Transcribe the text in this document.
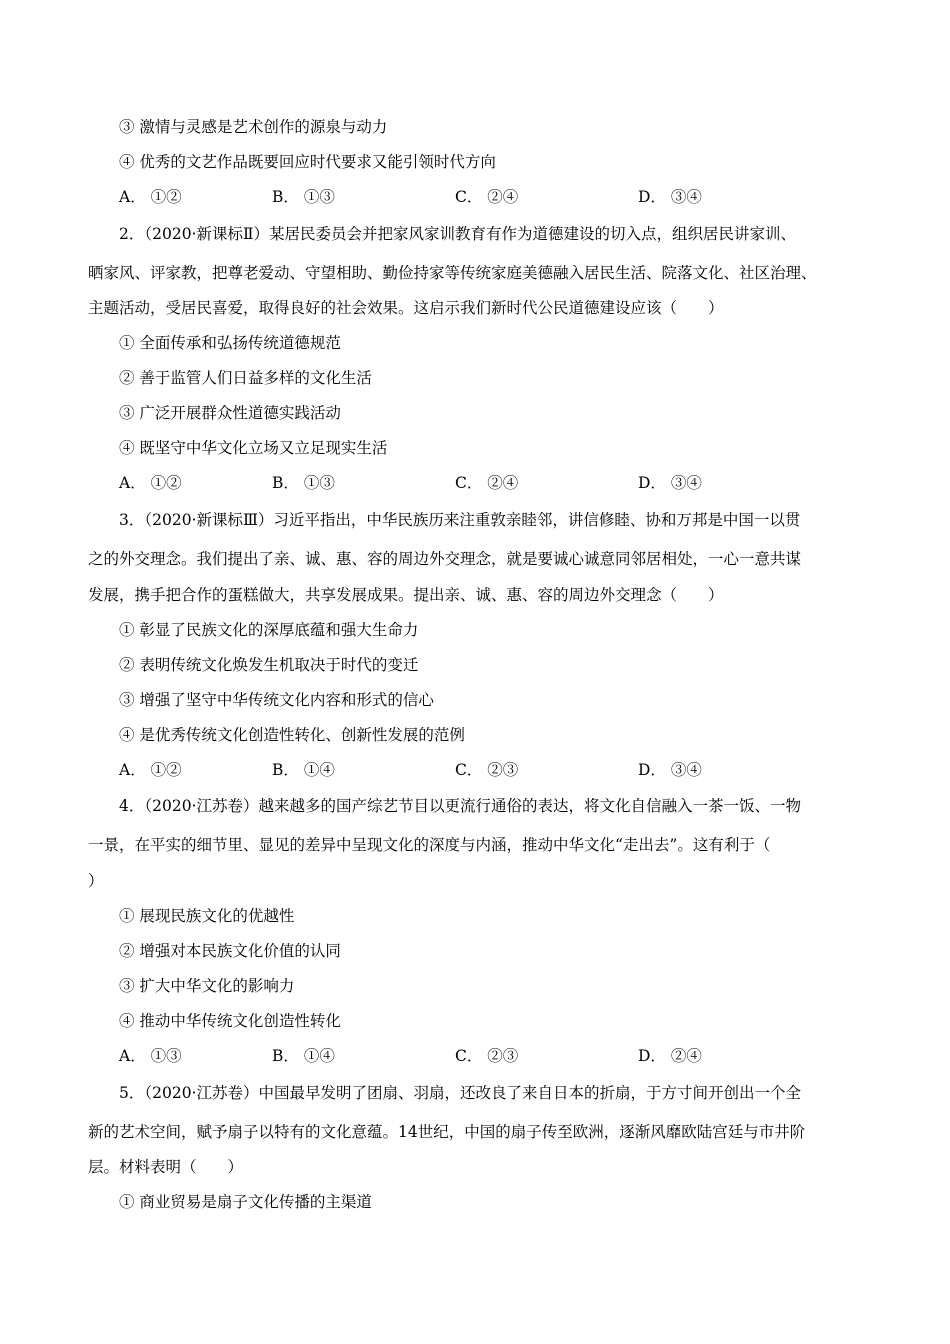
③ 激情与灵感是艺术创作的源泉与动力
④ 优秀的文艺作品既要回应时代要求又能引领时代方向
A． ①②	B． ①③	C． ②④	D． ③④
2．（2020·新课标Ⅱ）某居民委员会并把家风家训教育有作为道德建设的切入点，组织居民讲家训、
晒家风、评家教，把尊老爱动、守望相助、勤俭持家等传统家庭美德融入居民生活、院落文化、社区治理、
主题活动，受居民喜爱，取得良好的社会效果。这启示我们新时代公民道德建设应该（　　）
① 全面传承和弘扬传统道德规范
② 善于监管人们日益多样的文化生活
③ 广泛开展群众性道德实践活动
④ 既坚守中华文化立场又立足现实生活
A． ①②	B． ①③	C． ②④	D． ③④
3．（2020·新课标Ⅲ）习近平指出，中华民族历来注重敦亲睦邻，讲信修睦、协和万邦是中国一以贯
之的外交理念。我们提出了亲、诚、惠、容的周边外交理念，就是要诚心诚意同邻居相处，一心一意共谋
发展，携手把合作的蛋糕做大，共享发展成果。提出亲、诚、惠、容的周边外交理念（　　）
① 彰显了民族文化的深厚底蕴和强大生命力
② 表明传统文化焕发生机取决于时代的变迁
③ 增强了坚守中华传统文化内容和形式的信心
④ 是优秀传统文化创造性转化、创新性发展的范例
A． ①②	B． ①④	C． ②③	D． ③④
4．（2020·江苏卷）越来越多的国产综艺节目以更流行通俗的表达，将文化自信融入一茶一饭、一物
一景，在平实的细节里、显见的差异中呈现文化的深度与内涵，推动中华文化“走出去”。这有利于（
）
① 展现民族文化的优越性
② 增强对本民族文化价值的认同
③ 扩大中华文化的影响力
④ 推动中华传统文化创造性转化
A． ①③	B． ①④	C． ②③	D． ②④
5．（2020·江苏卷）中国最早发明了团扇、羽扇，还改良了来自日本的折扇，于方寸间开创出一个全
新的艺术空间，赋予扇子以特有的文化意蕴。14世纪，中国的扇子传至欧洲，逐渐风靡欧陆宫廷与市井阶
层。材料表明（　　）
① 商业贸易是扇子文化传播的主渠道
